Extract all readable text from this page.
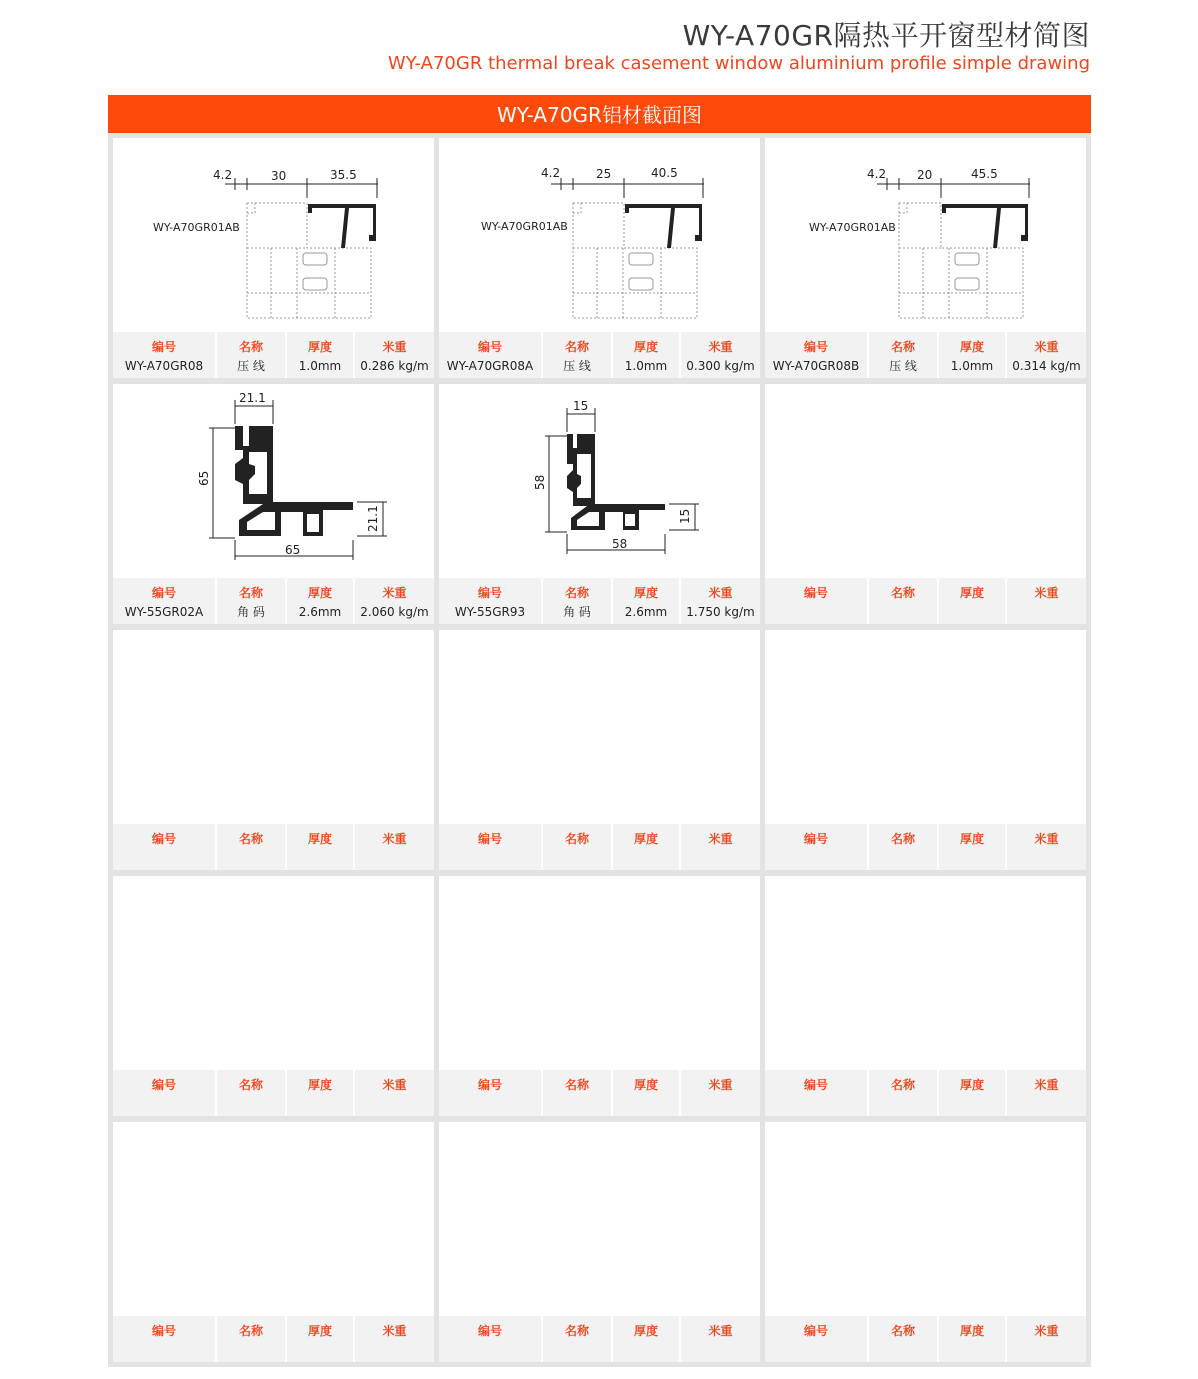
WY-A70GR隔热平开窗型材简图
WY-A70GR thermal break casement window aluminium profile simple drawing
WY-A70GR铝材截面图
4.2	30	35.5
WY-A70GR01AB
编号
WY-A70GR08
名称
压 线
厚度
1.0mm
米重
0.286 kg/m
4.2	25	40.5
WY-A70GR01AB
编号
WY-A70GR08A
名称
压 线
厚度
1.0mm
米重
0.300 kg/m
4.2	20	45.5
WY-A70GR01AB
编号
WY-A70GR08B
名称
压 线
厚度
1.0mm
米重
0.314 kg/m
21.1
65
21.1
65
编号
WY-55GR02A
名称
角 码
厚度
2.6mm
米重
2.060 kg/m
15
58
15
58
编号
WY-55GR93
名称
角 码
厚度
2.6mm
米重
1.750 kg/m
编号	名称	厚度	米重
编号	名称	厚度	米重	编号	名称	厚度	米重	编号	名称	厚度	米重
编号	名称	厚度	米重	编号	名称	厚度	米重	编号	名称	厚度	米重
编号	名称	厚度	米重	编号	名称	厚度	米重	编号	名称	厚度	米重
